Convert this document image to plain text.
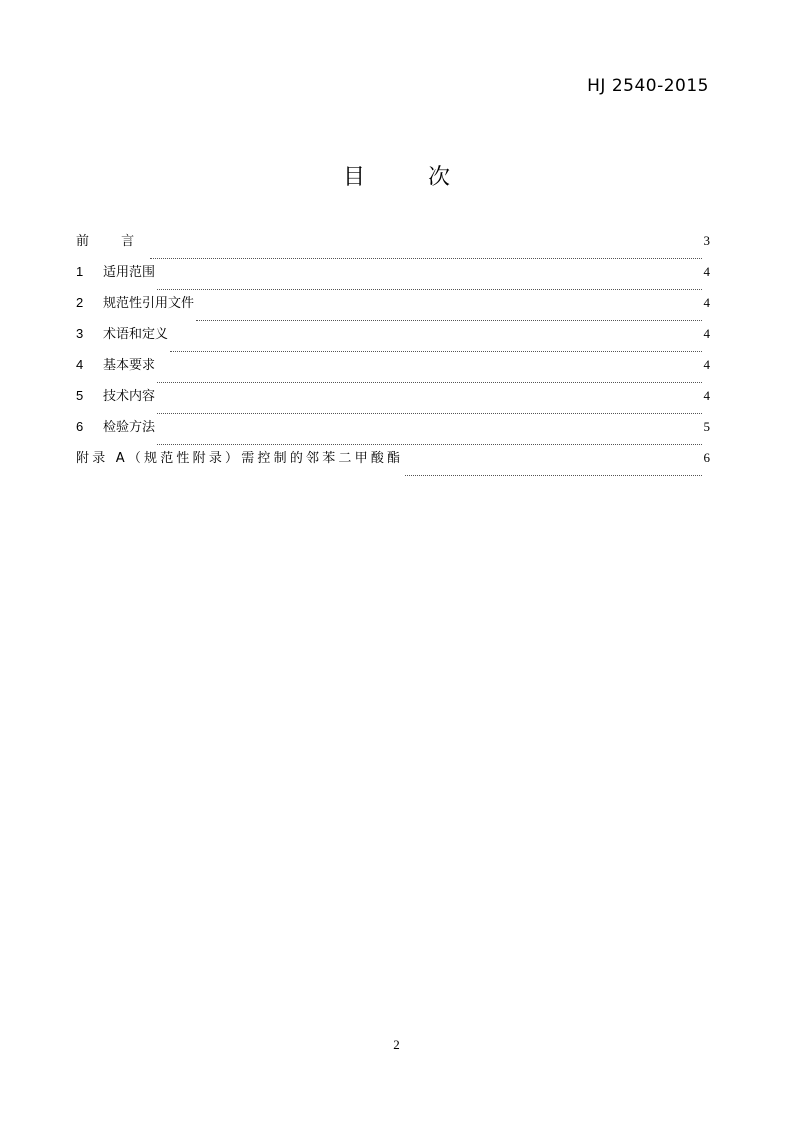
HJ 2540-2015
目 次
前 言	3
1	适用范围	4
2	规范性引用文件	4
3	术语和定义	4
4	基本要求	4
5	技术内容	4
6	检验方法	5
附录 A（规范性附录）需控制的邻苯二甲酸酯	6
2
